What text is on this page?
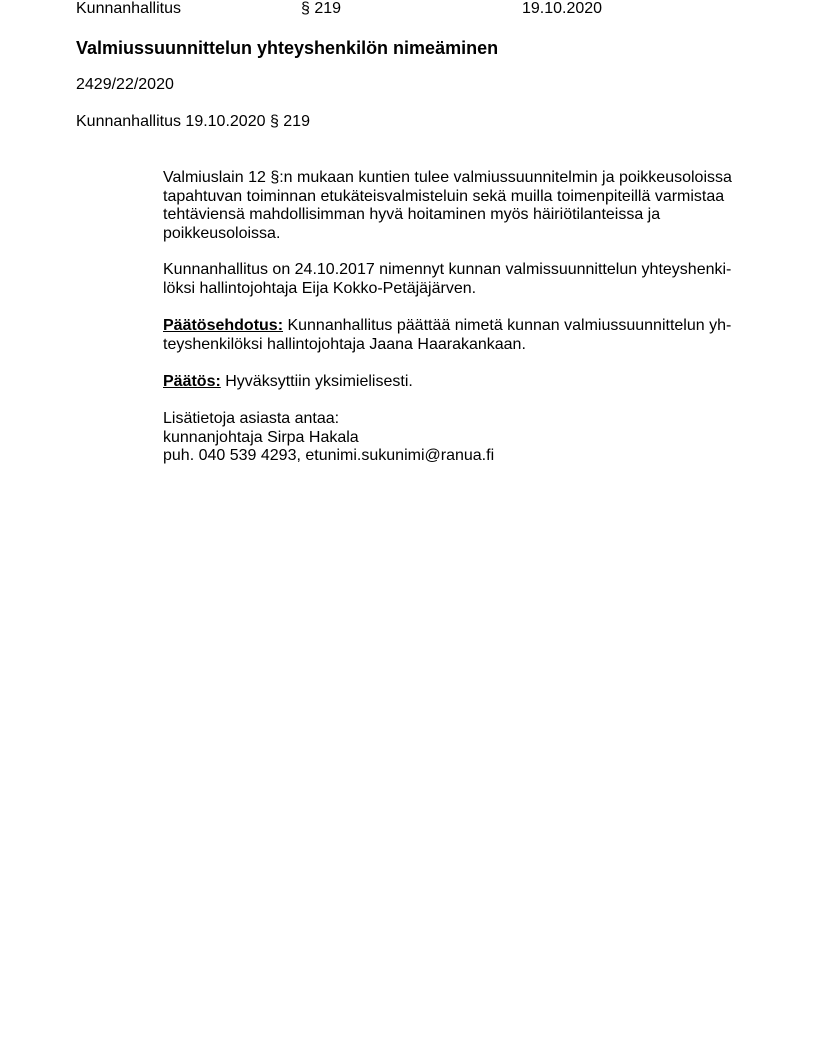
Kunnanhallitus	§ 219	19.10.2020
Valmiussuunnittelun yhteyshenkilön nimeäminen
2429/22/2020
Kunnanhallitus 19.10.2020 § 219
Valmiuslain 12 §:n mukaan kuntien tulee valmiussuunnitelmin ja poikkeusoloissa
tapahtuvan toiminnan etukäteisvalmisteluin sekä muilla toimenpiteillä varmistaa
tehtäviensä mahdollisimman hyvä hoitaminen myös häiriötilanteissa ja
poikkeusoloissa.
Kunnanhallitus on 24.10.2017 nimennyt kunnan valmissuunnittelun yhteyshenki-
löksi hallintojohtaja Eija Kokko-Petäjäjärven.
Päätösehdotus: Kunnanhallitus päättää nimetä kunnan valmiussuunnittelun yh-
teyshenkilöksi hallintojohtaja Jaana Haarakankaan.
Päätös: Hyväksyttiin yksimielisesti.
Lisätietoja asiasta antaa:
kunnanjohtaja Sirpa Hakala
puh. 040 539 4293, etunimi.sukunimi@ranua.fi
